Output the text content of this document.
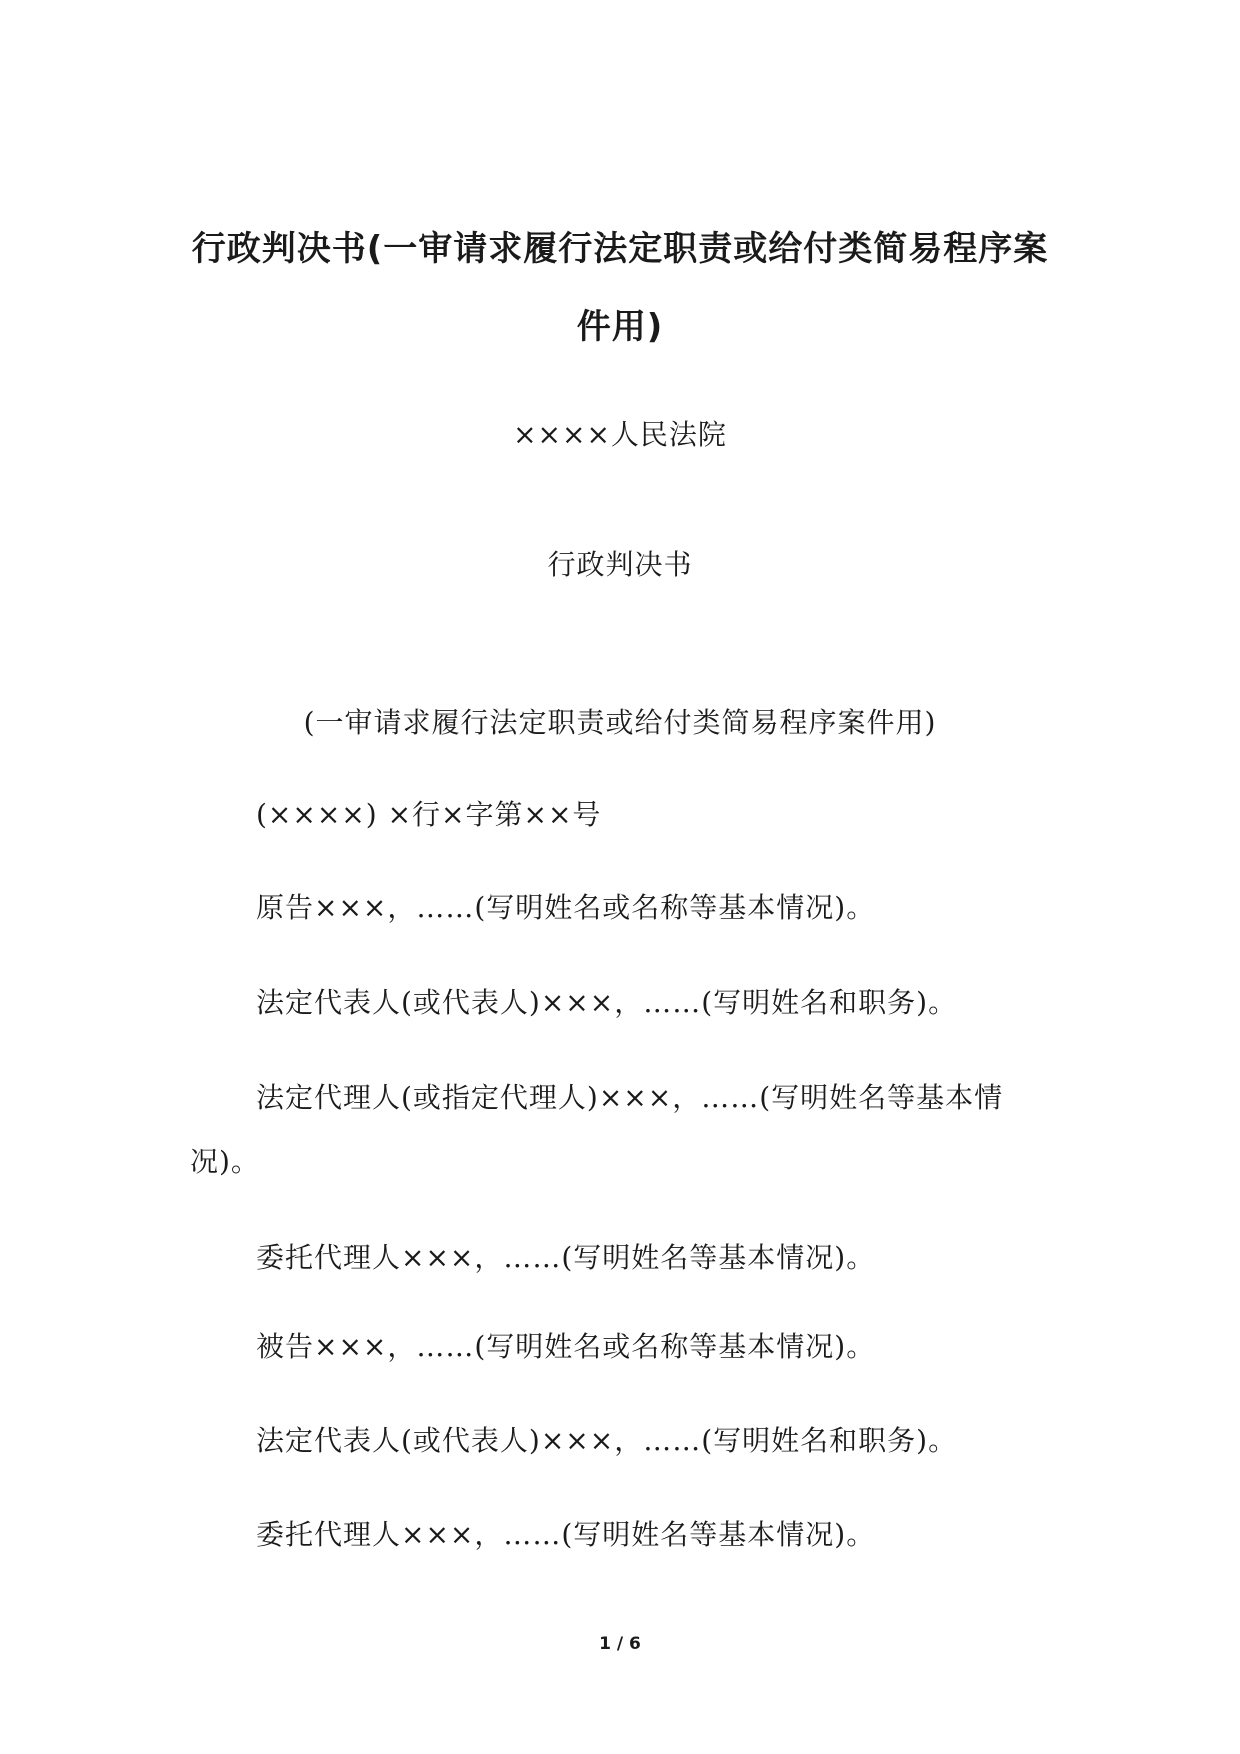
行政判决书(一审请求履行法定职责或给付类简易程序案件用)
××××人民法院
行政判决书
(一审请求履行法定职责或给付类简易程序案件用)

(××××) ×行×字第××号

原告×××，……(写明姓名或名称等基本情况)。

法定代表人(或代表人)×××，……(写明姓名和职务)。

法定代理人(或指定代理人)×××，……(写明姓名等基本情况)。

委托代理人×××，……(写明姓名等基本情况)。

被告×××，……(写明姓名或名称等基本情况)。

法定代表人(或代表人)×××，……(写明姓名和职务)。

委托代理人×××，……(写明姓名等基本情况)。

1 / 6
